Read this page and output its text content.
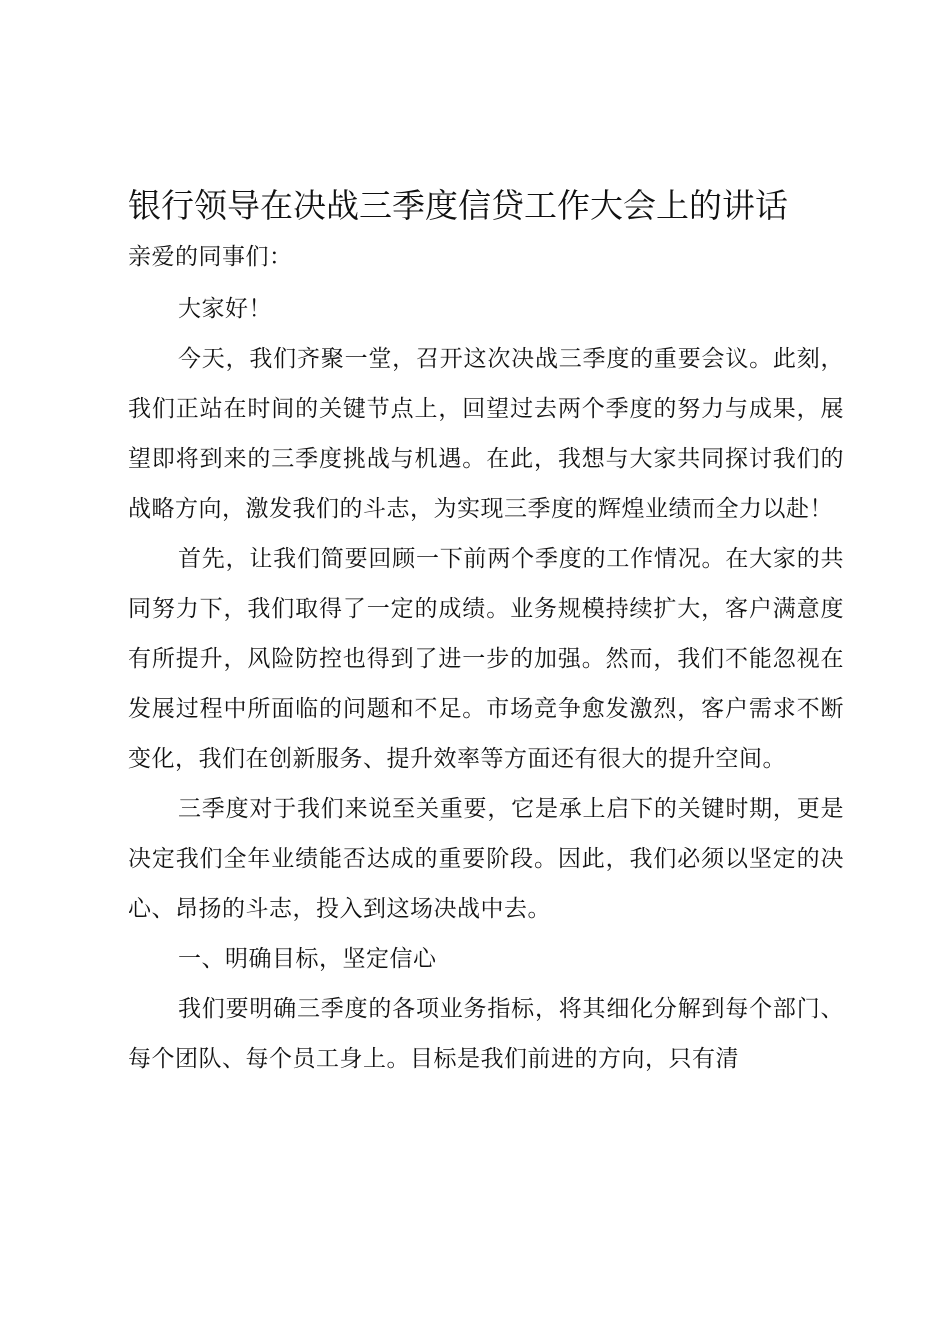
银行领导在决战三季度信贷工作大会上的讲话

亲爱的同事们：

大家好！

今天，我们齐聚一堂，召开这次决战三季度的重要会议。此刻，我们正站在时间的关键节点上，回望过去两个季度的努力与成果，展望即将到来的三季度挑战与机遇。在此，我想与大家共同探讨我们的战略方向，激发我们的斗志，为实现三季度的辉煌业绩而全力以赴！

首先，让我们简要回顾一下前两个季度的工作情况。在大家的共同努力下，我们取得了一定的成绩。业务规模持续扩大，客户满意度有所提升，风险防控也得到了进一步的加强。然而，我们不能忽视在发展过程中所面临的问题和不足。市场竞争愈发激烈，客户需求不断变化，我们在创新服务、提升效率等方面还有很大的提升空间。

三季度对于我们来说至关重要，它是承上启下的关键时期，更是决定我们全年业绩能否达成的重要阶段。因此，我们必须以坚定的决心、昂扬的斗志，投入到这场决战中去。

一、明确目标，坚定信心

我们要明确三季度的各项业务指标，将其细化分解到每个部门、每个团队、每个员工身上。目标是我们前进的方向，只有清
